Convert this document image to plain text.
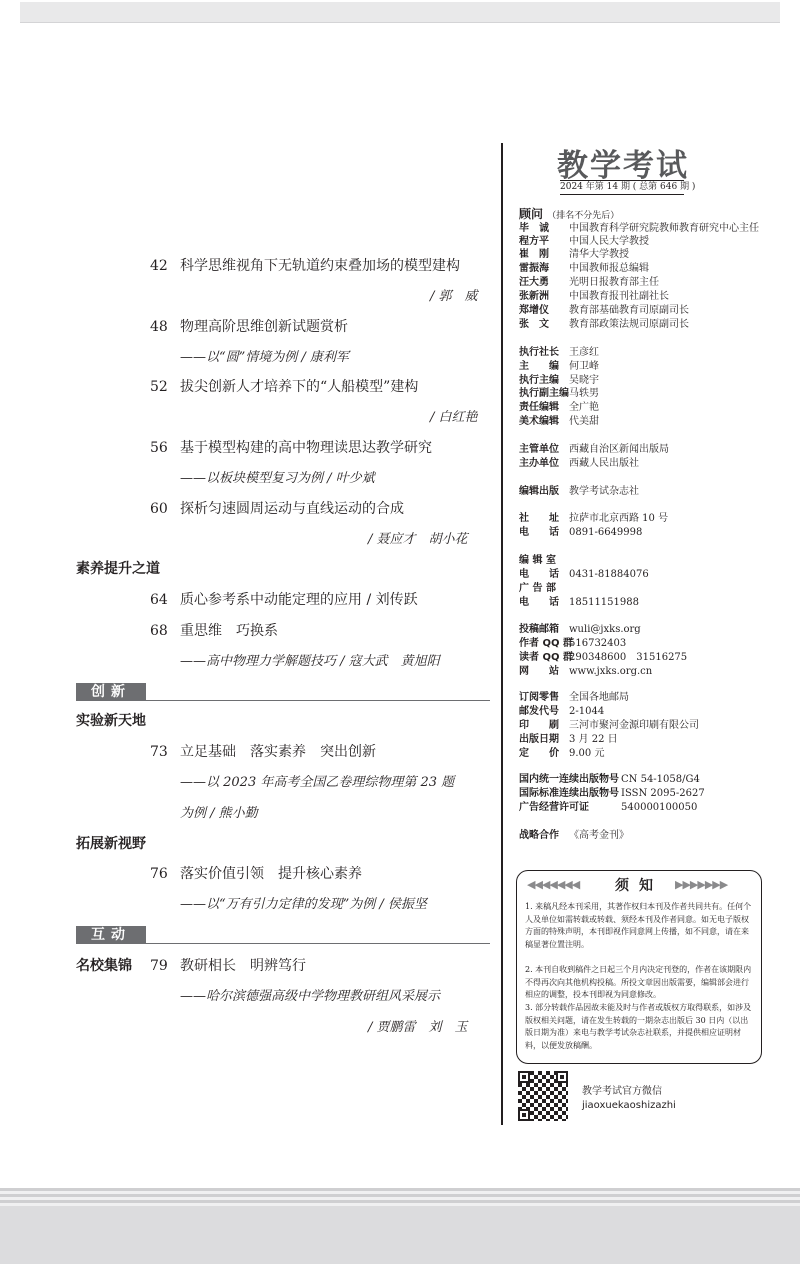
42 科学思维视角下无轨道约束叠加场的模型建构
/ 郭　威
48 物理高阶思维创新试题赏析
——以“圆”情境为例 / 康利军
52 拔尖创新人才培养下的“人船模型”建构
/ 白红艳
56 基于模型构建的高中物理读思达教学研究
——以板块模型复习为例 / 叶少斌
60 探析匀速圆周运动与直线运动的合成
/ 聂应才　胡小花
素养提升之道
64 质心参考系中动能定理的应用 / 刘传跃
68 重思维　巧换系
——高中物理力学解题技巧 / 寇大武　黄旭阳
创新
实验新天地
73 立足基础　落实素养　突出创新
——以 2023 年高考全国乙卷理综物理第 23 题
为例 / 熊小勤
拓展新视野
76 落实价值引领　提升核心素养
——以“万有引力定律的发现”为例 / 侯振坚
互动
名校集锦 79 教研相长　明辨笃行
——哈尔滨德强高级中学物理教研组风采展示
/ 贾鹏雷　刘　玉
教学考试
2024 年第 14 期 ( 总第 646 期 )
顾问 （排名不分先后）
毕　诚 中国教育科学研究院教师教育研究中心主任
程方平 中国人民大学教授
崔　刚 清华大学教授
雷振海 中国教师报总编辑
汪大勇 光明日报教育部主任
张新洲 中国教育报刊社副社长
郑增仪 教育部基础教育司原副司长
张　文 教育部政策法规司原副司长
执行社长 王彦红
主　　编 何卫峰
执行主编 吴晓宇
执行副主编马轶男
责任编辑 全广艳
美术编辑 代美甜
主管单位 西藏自治区新闻出版局
主办单位 西藏人民出版社
编辑出版 教学考试杂志社
社　　址 拉萨市北京西路 10 号
电　　话 0891-6649998
编 辑 室
电　　话 0431-81884076
广 告 部
电　　话 18511151988
投稿邮箱 wuli@jxks.org
作者 QQ 群516732403
读者 QQ 群290348600　31516275
网　　站 www.jxks.org.cn
订阅零售 全国各地邮局
邮发代号 2-1044
印　　刷 三河市聚河金源印刷有限公司
出版日期 3 月 22 日
定　　价 9.00 元
国内统一连续出版物号 CN 54-1058/G4
国际标准连续出版物号 ISSN 2095-2627
广告经营许可证	540000100050
战略合作 《高考金刊》
◀◀◀◀◀◀◀	须知	▶▶▶▶▶▶▶

1. 来稿凡经本刊采用，其著作权归本刊及作者共同共有。任何个人及单位如需转载或转载、须经本刊及作者同意。如无电子版权方面的特殊声明，本刊即视作同意网上传播，如不同意，请在来稿显著位置注明。

2. 本刊自收到稿件之日起三个月内决定刊登的，作者在该期限内不得再次向其他机构投稿。所投文章因出版需要，编辑部会进行相应的调整，投本刊即视为同意修改。

3. 部分转载作品因故未能及时与作者或版权方取得联系，如涉及版权相关问题，请在发生转载的一期杂志出版后 30 日内（以出版日期为准）来电与教学考试杂志社联系，并提供相应证明材料，以便发放稿酬。

教学考试官方微信
jiaoxuekaoshizazhi
